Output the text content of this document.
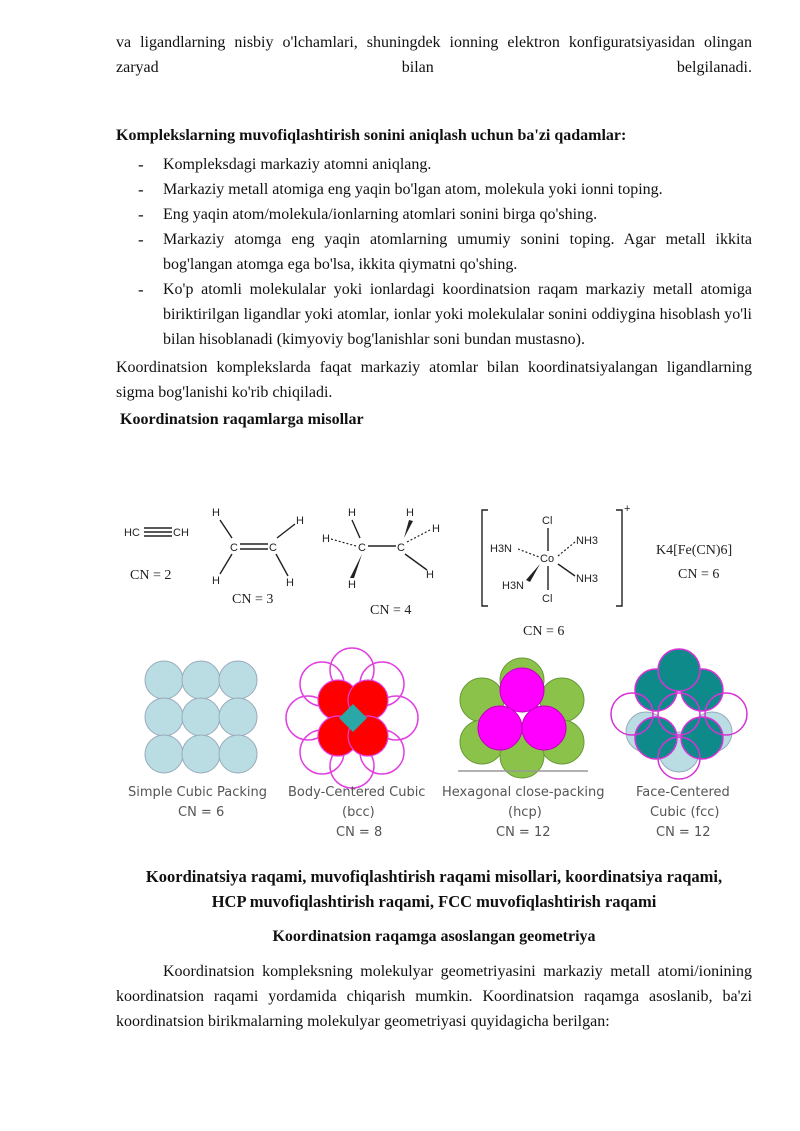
va ligandlarning nisbiy o'lchamlari, shuningdek ionning elektron konfiguratsiyasidan olingan zaryad bilan belgilanadi.

Komplekslarning muvofiqlashtirish sonini aniqlash uchun ba'zi qadamlar:
- Kompleksdagi markaziy atomni aniqlang.
- Markaziy metall atomiga eng yaqin bo'lgan atom, molekula yoki ionni toping.
- Eng yaqin atom/molekula/ionlarning atomlari sonini birga qo'shing.
- Markaziy atomga eng yaqin atomlarning umumiy sonini toping. Agar metall ikkita bog'langan atomga ega bo'lsa, ikkita qiymatni qo'shing.
- Ko'p atomli molekulalar yoki ionlardagi koordinatsion raqam markaziy metall atomiga biriktirilgan ligandlar yoki atomlar, ionlar yoki molekulalar sonini oddiygina hisoblash yo'li bilan hisoblanadi (kimyoviy bog'lanishlar soni bundan mustasno).

Koordinatsion komplekslarda faqat markaziy atomlar bilan koordinatsiyalangan ligandlarning sigma bog'lanishi ko'rib chiqiladi.

Koordinatsion raqamlarga misollar
HC	CH
CN = 2
H
H
H	H
C	C
CN = 3
H	H
H
H
H
H
C	C
CN = 4
+
Cl
Cl
Co
H3N
NH3
H3N
NH3
CN = 6
K4[Fe(CN)6]
CN = 6
Simple Cubic Packing
CN = 6
Body-Centered Cubic
(bcc)
CN = 8
Hexagonal close-packing
(hcp)
CN = 12
Face-Centered
Cubic (fcc)
CN = 12
Koordinatsiya raqami, muvofiqlashtirish raqami misollari, koordinatsiya raqami, HCP muvofiqlashtirish raqami, FCC muvofiqlashtirish raqami
Koordinatsion raqamga asoslangan geometriya

Koordinatsion kompleksning molekulyar geometriyasini markaziy metall atomi/ionining koordinatsion raqami yordamida chiqarish mumkin. Koordinatsion raqamga asoslanib, ba'zi koordinatsion birikmalarning molekulyar geometriyasi quyidagicha berilgan:
